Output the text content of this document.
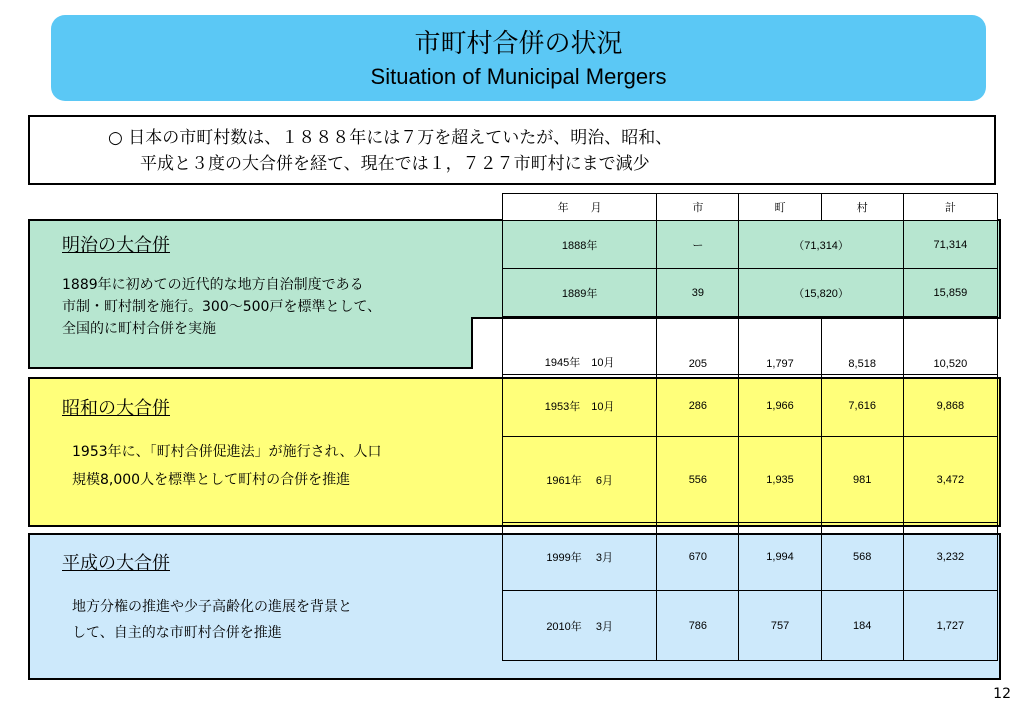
市町村合併の状況
Situation of Municipal Mergers
○ 日本の市町村数は、１８８８年には７万を超えていたが、明治、昭和、
平成と３度の大合併を経て、現在では１，７２７市町村にまで減少
明治の大合併
1889年に初めての近代的な地方自治制度である
市制・町村制を施行。300～500戸を標準として、
全国的に町村合併を実施
昭和の大合併
1953年に、「町村合併促進法」が施行され、人口
規模8,000人を標準として町村の合併を推進
平成の大合併
地方分権の推進や少子高齢化の進展を背景と
して、自主的な市町村合併を推進
年　　月	市	町	村	計
1888年	ー	（71,314）		71,314
1889年	39	（15,820）		15,859
1945年　10月	205	1,797	8,518	10,520
1953年　10月	286	1,966	7,616	9,868
1961年　 6月	556	1,935	981	3,472
1999年　 3月	670	1,994	568	3,232
2010年　 3月	786	757	184	1,727
12
